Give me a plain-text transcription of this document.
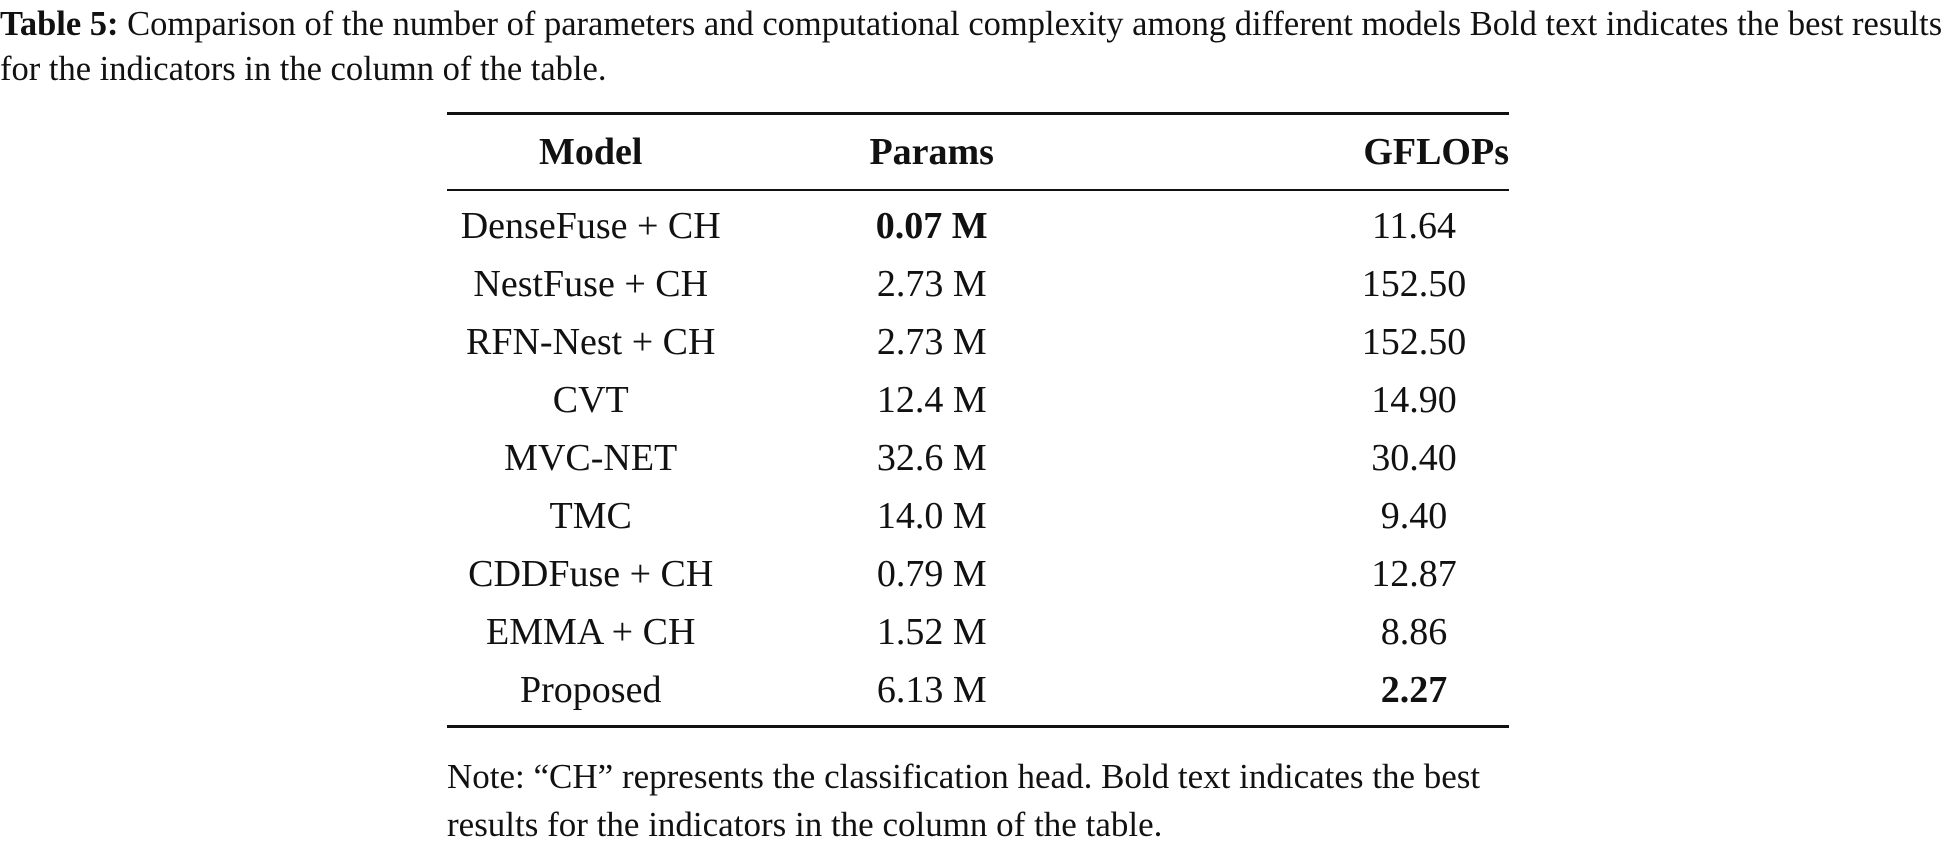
Table 5: Comparison of the number of parameters and computational complexity among different models Bold text indicates the best results for the indicators in the column of the table.
Model	Params	GFLOPs
DenseFuse + CH	0.07 M	11.64
NestFuse + CH	2.73 M	152.50
RFN-Nest + CH	2.73 M	152.50
CVT	12.4 M	14.90
MVC-NET	32.6 M	30.40
TMC	14.0 M	9.40
CDDFuse + CH	0.79 M	12.87
EMMA + CH	1.52 M	8.86
Proposed	6.13 M	2.27
Note: “CH” represents the classification head. Bold text indicates the best results for the indicators in the column of the table.
